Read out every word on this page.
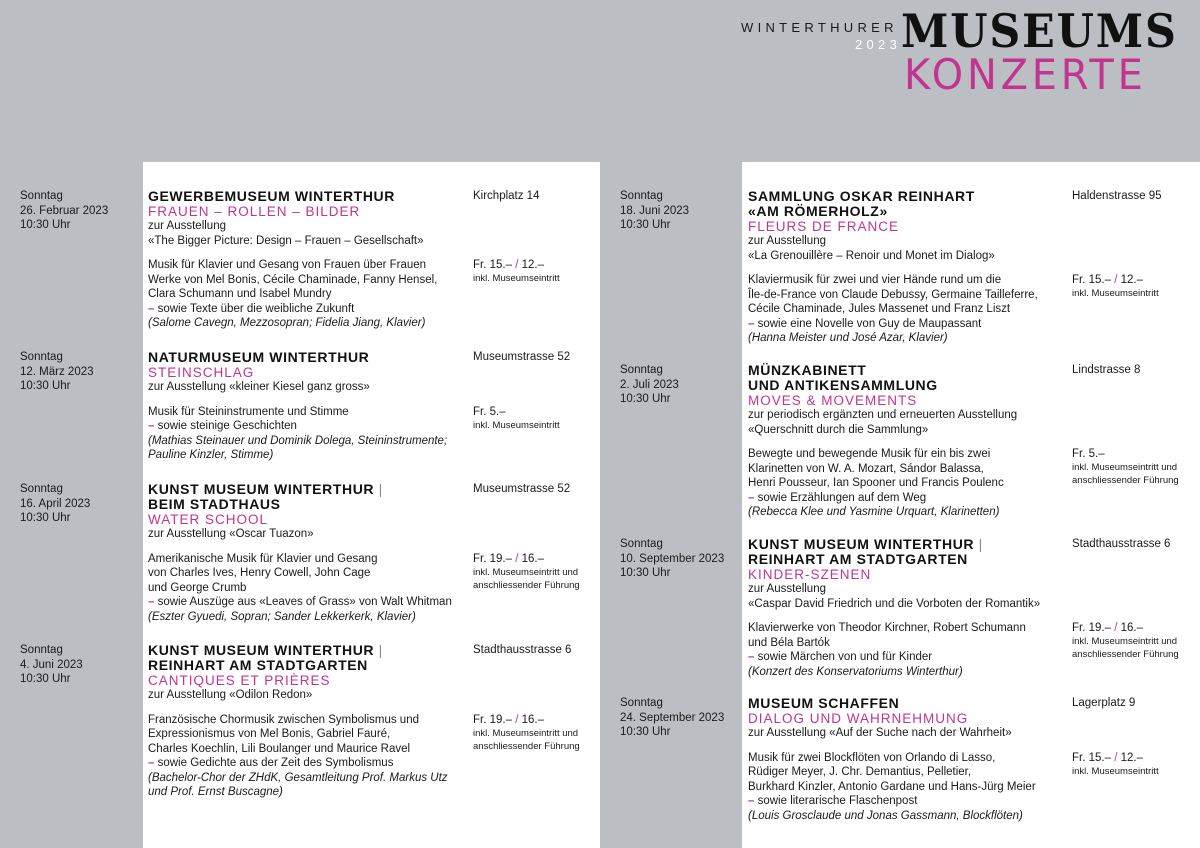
WINTERTHURER
2023 MUSEUMS
KONZERTE
Sonntag
26. Februar 2023
10:30 Uhr
GEWERBEMUSEUM WINTERTHUR
FRAUEN – ROLLEN – BILDER
zur Ausstellung
«The Bigger Picture: Design – Frauen – Gesellschaft»
Musik für Klavier und Gesang von Frauen über Frauen
Werke von Mel Bonis, Cécile Chaminade, Fanny Hensel,
Clara Schumann und Isabel Mundry
– sowie Texte über die weibliche Zukunft
(Salome Cavegn, Mezzosopran; Fidelia Jiang, Klavier)
Kirchplatz 14
Fr. 15.– / 12.–
inkl. Museumseintritt
Sonntag
12. März 2023
10:30 Uhr
NATURMUSEUM WINTERTHUR
STEINSCHLAG
zur Ausstellung «kleiner Kiesel ganz gross»
Musik für Steininstrumente und Stimme
– sowie steinige Geschichten
(Mathias Steinauer und Dominik Dolega, Steininstrumente;
Pauline Kinzler, Stimme)
Museumstrasse 52
Fr. 5.–
inkl. Museumseintritt
Sonntag
16. April 2023
10:30 Uhr
KUNST MUSEUM WINTERTHUR |
BEIM STADTHAUS
WATER SCHOOL
zur Ausstellung «Oscar Tuazon»
Amerikanische Musik für Klavier und Gesang
von Charles Ives, Henry Cowell, John Cage
und George Crumb
– sowie Auszüge aus «Leaves of Grass» von Walt Whitman
(Eszter Gyuedi, Sopran; Sander Lekkerkerk, Klavier)
Museumstrasse 52
Fr. 19.– / 16.–
inkl. Museumseintritt und
anschliessender Führung
Sonntag
4. Juni 2023
10:30 Uhr
KUNST MUSEUM WINTERTHUR |
REINHART AM STADTGARTEN
CANTIQUES ET PRIÈRES
zur Ausstellung «Odilon Redon»
Französische Chormusik zwischen Symbolismus und
Expressionismus von Mel Bonis, Gabriel Fauré,
Charles Koechlin, Lili Boulanger und Maurice Ravel
– sowie Gedichte aus der Zeit des Symbolismus
(Bachelor-Chor der ZHdK, Gesamtleitung Prof. Markus Utz
und Prof. Ernst Buscagne)
Stadthausstrasse 6
Fr. 19.– / 16.–
inkl. Museumseintritt und
anschliessender Führung
Sonntag
18. Juni 2023
10:30 Uhr
SAMMLUNG OSKAR REINHART
«AM RÖMERHOLZ»
FLEURS DE FRANCE
zur Ausstellung
«La Grenouillère – Renoir und Monet im Dialog»
Klaviermusik für zwei und vier Hände rund um die
Île-de-France von Claude Debussy, Germaine Tailleferre,
Cécile Chaminade, Jules Massenet und Franz Liszt
– sowie eine Novelle von Guy de Maupassant
(Hanna Meister und José Azar, Klavier)
Haldenstrasse 95
Fr. 15.– / 12.–
inkl. Museumseintritt
Sonntag
2. Juli 2023
10:30 Uhr
MÜNZKABINETT
UND ANTIKENSAMMLUNG
MOVES & MOVEMENTS
zur periodisch ergänzten und erneuerten Ausstellung
«Querschnitt durch die Sammlung»
Bewegte und bewegende Musik für ein bis zwei
Klarinetten von W. A. Mozart, Sándor Balassa,
Henri Pousseur, Ian Spooner und Francis Poulenc
– sowie Erzählungen auf dem Weg
(Rebecca Klee und Yasmine Urquart, Klarinetten)
Lindstrasse 8
Fr. 5.–
inkl. Museumseintritt und
anschliessender Führung
Sonntag
10. September 2023
10:30 Uhr
KUNST MUSEUM WINTERTHUR |
REINHART AM STADTGARTEN
KINDER-SZENEN
zur Ausstellung
«Caspar David Friedrich und die Vorboten der Romantik»
Klavierwerke von Theodor Kirchner, Robert Schumann
und Béla Bartók
– sowie Märchen von und für Kinder
(Konzert des Konservatoriums Winterthur)
Stadthausstrasse 6
Fr. 19.– / 16.–
inkl. Museumseintritt und
anschliessender Führung
Sonntag
24. September 2023
10:30 Uhr
MUSEUM SCHAFFEN
DIALOG UND WAHRNEHMUNG
zur Ausstellung «Auf der Suche nach der Wahrheit»
Musik für zwei Blockflöten von Orlando di Lasso,
Rüdiger Meyer, J. Chr. Demantius, Pelletier,
Burkhard Kinzler, Antonio Gardane und Hans-Jürg Meier
– sowie literarische Flaschenpost
(Louis Grosclaude und Jonas Gassmann, Blockflöten)
Lagerplatz 9
Fr. 15.– / 12.–
inkl. Museumseintritt
